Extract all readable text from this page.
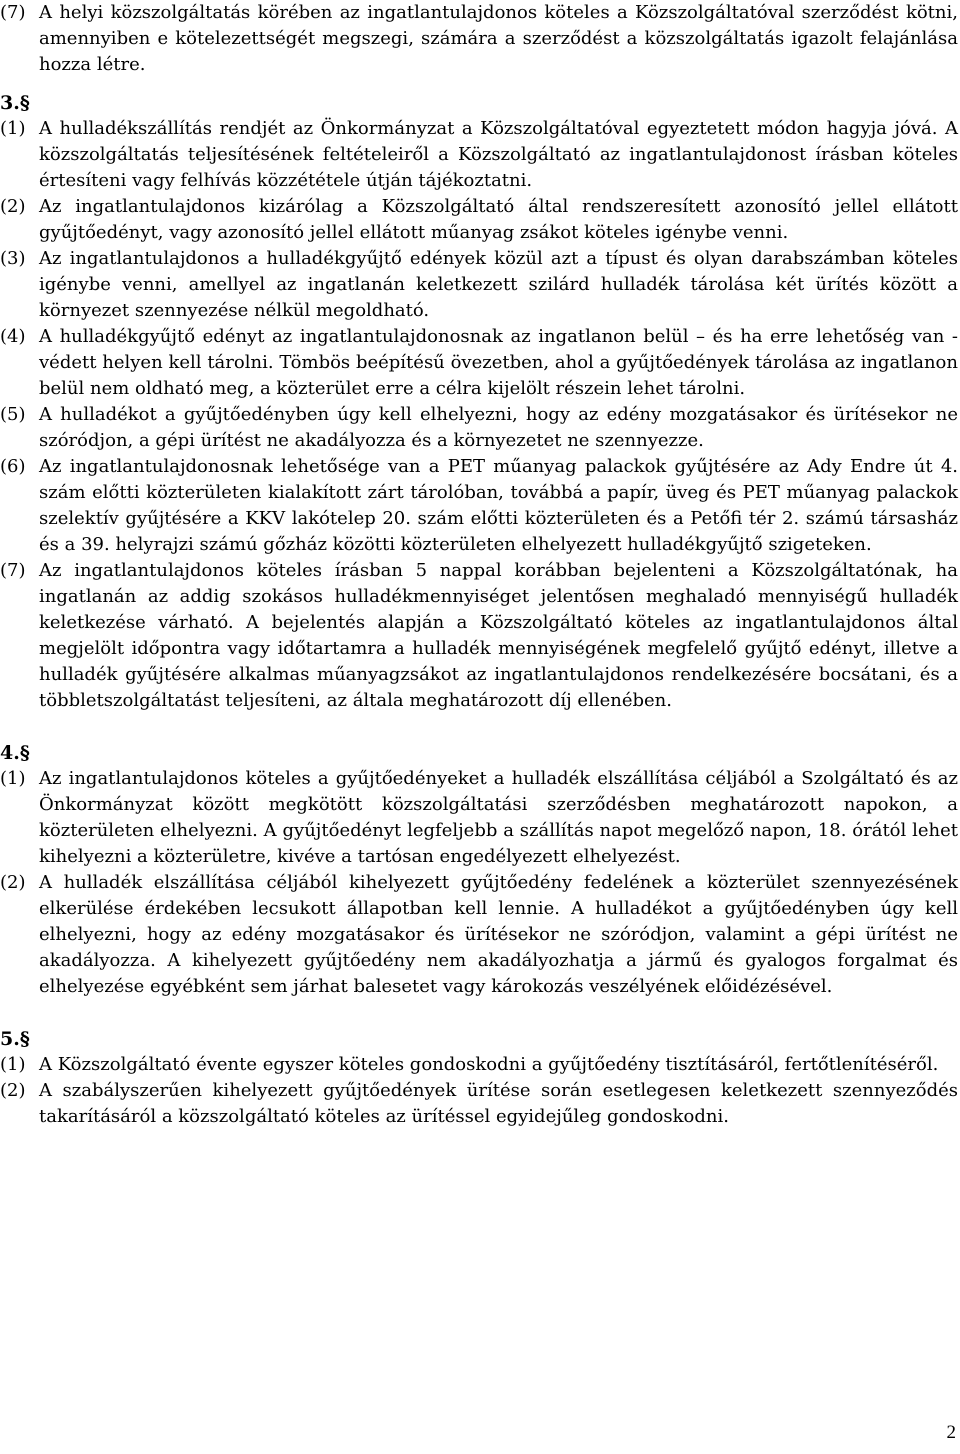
(7) A helyi közszolgáltatás körében az ingatlantulajdonos köteles a Közszolgáltatóval szerződést kötni, amennyiben e kötelezettségét megszegi, számára a szerződést a közszolgáltatás igazolt felajánlása hozza létre.

3.§

(1) A hulladékszállítás rendjét az Önkormányzat a Közszolgáltatóval egyeztetett módon hagyja jóvá. A közszolgáltatás teljesítésének feltételeiről a Közszolgáltató az ingatlantulajdonost írásban köteles értesíteni vagy felhívás közzététele útján tájékoztatni.

(2) Az ingatlantulajdonos kizárólag a Közszolgáltató által rendszeresített azonosító jellel ellátott gyűjtőedényt, vagy azonosító jellel ellátott műanyag zsákot köteles igénybe venni.

(3) Az ingatlantulajdonos a hulladékgyűjtő edények közül azt a típust és olyan darabszámban köteles igénybe venni, amellyel az ingatlanán keletkezett szilárd hulladék tárolása két ürítés között a környezet szennyezése nélkül megoldható.

(4) A hulladékgyűjtő edényt az ingatlantulajdonosnak az ingatlanon belül – és ha erre lehetőség van - védett helyen kell tárolni. Tömbös beépítésű övezetben, ahol a gyűjtőedények tárolása az ingatlanon belül nem oldható meg, a közterület erre a célra kijelölt részein lehet tárolni.

(5) A hulladékot a gyűjtőedényben úgy kell elhelyezni, hogy az edény mozgatásakor és ürítésekor ne szóródjon, a gépi ürítést ne akadályozza és a környezetet ne szennyezze.

(6) Az ingatlantulajdonosnak lehetősége van a PET műanyag palackok gyűjtésére az Ady Endre út 4. szám előtti közterületen kialakított zárt tárolóban, továbbá a papír, üveg és PET műanyag palackok szelektív gyűjtésére a KKV lakótelep 20. szám előtti közterületen és a Petőfi tér 2. számú társasház és a 39. helyrajzi számú gőzház közötti közterületen elhelyezett hulladékgyűjtő szigeteken.

(7) Az ingatlantulajdonos köteles írásban 5 nappal korábban bejelenteni a Közszolgáltatónak, ha ingatlanán az addig szokásos hulladékmennyiséget jelentősen meghaladó mennyiségű hulladék keletkezése várható. A bejelentés alapján a Közszolgáltató köteles az ingatlantulajdonos által megjelölt időpontra vagy időtartamra a hulladék mennyiségének megfelelő gyűjtő edényt, illetve a hulladék gyűjtésére alkalmas műanyagzsákot az ingatlantulajdonos rendelkezésére bocsátani, és a többletszolgáltatást teljesíteni, az általa meghatározott díj ellenében.

4.§

(1) Az ingatlantulajdonos köteles a gyűjtőedényeket a hulladék elszállítása céljából a Szolgáltató és az Önkormányzat között megkötött közszolgáltatási szerződésben meghatározott napokon, a közterületen elhelyezni. A gyűjtőedényt legfeljebb a szállítás napot megelőző napon, 18. órától lehet kihelyezni a közterületre, kivéve a tartósan engedélyezett elhelyezést.

(2) A hulladék elszállítása céljából kihelyezett gyűjtőedény fedelének a közterület szennyezésének elkerülése érdekében lecsukott állapotban kell lennie. A hulladékot a gyűjtőedényben úgy kell elhelyezni, hogy az edény mozgatásakor és ürítésekor ne szóródjon, valamint a gépi ürítést ne akadályozza. A kihelyezett gyűjtőedény nem akadályozhatja a jármű és gyalogos forgalmat és elhelyezése egyébként sem járhat balesetet vagy károkozás veszélyének előidézésével.

5.§

(1) A Közszolgáltató évente egyszer köteles gondoskodni a gyűjtőedény tisztításáról, fertőtlenítéséről.

(2) A szabályszerűen kihelyezett gyűjtőedények ürítése során esetlegesen keletkezett szennyeződés takarításáról a közszolgáltató köteles az ürítéssel egyidejűleg gondoskodni.

2
